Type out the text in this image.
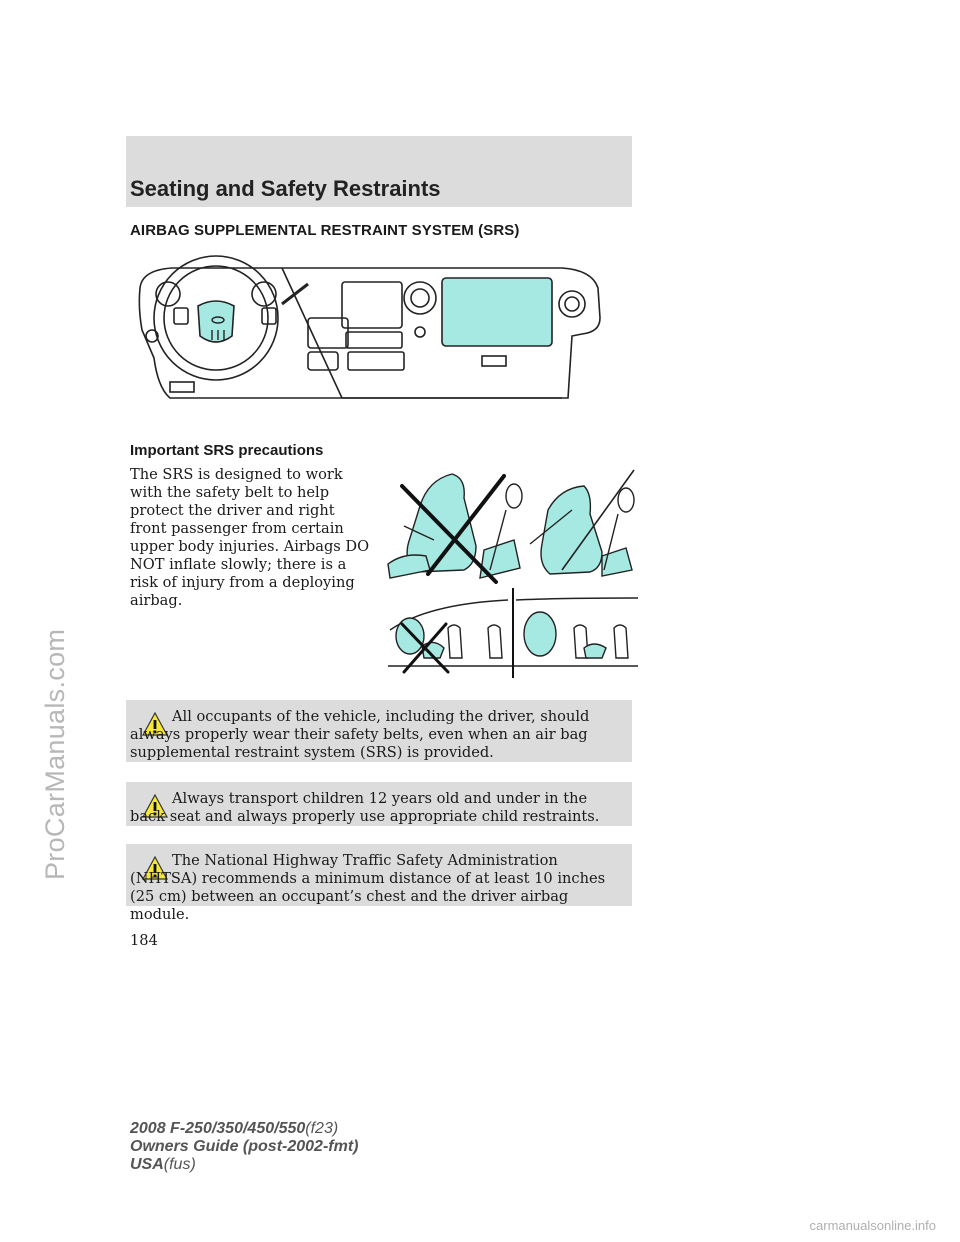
ProCarManuals.com
Seating and Safety Restraints
AIRBAG SUPPLEMENTAL RESTRAINT SYSTEM (SRS)
Important SRS precautions
The SRS is designed to work with the safety belt to help protect the driver and right front passenger from certain upper body injuries. Airbags DO NOT inflate slowly; there is a risk of injury from a deploying airbag.
All occupants of the vehicle, including the driver, should always properly wear their safety belts, even when an air bag supplemental restraint system (SRS) is provided.
Always transport children 12 years old and under in the back seat and always properly use appropriate child restraints.
The National Highway Traffic Safety Administration (NHTSA) recommends a minimum distance of at least 10 inches (25 cm) between an occupant’s chest and the driver airbag module.
184
2008 F-250/350/450/550(f23)
Owners Guide (post-2002-fmt)
USA(fus)
carmanualsonline.info
